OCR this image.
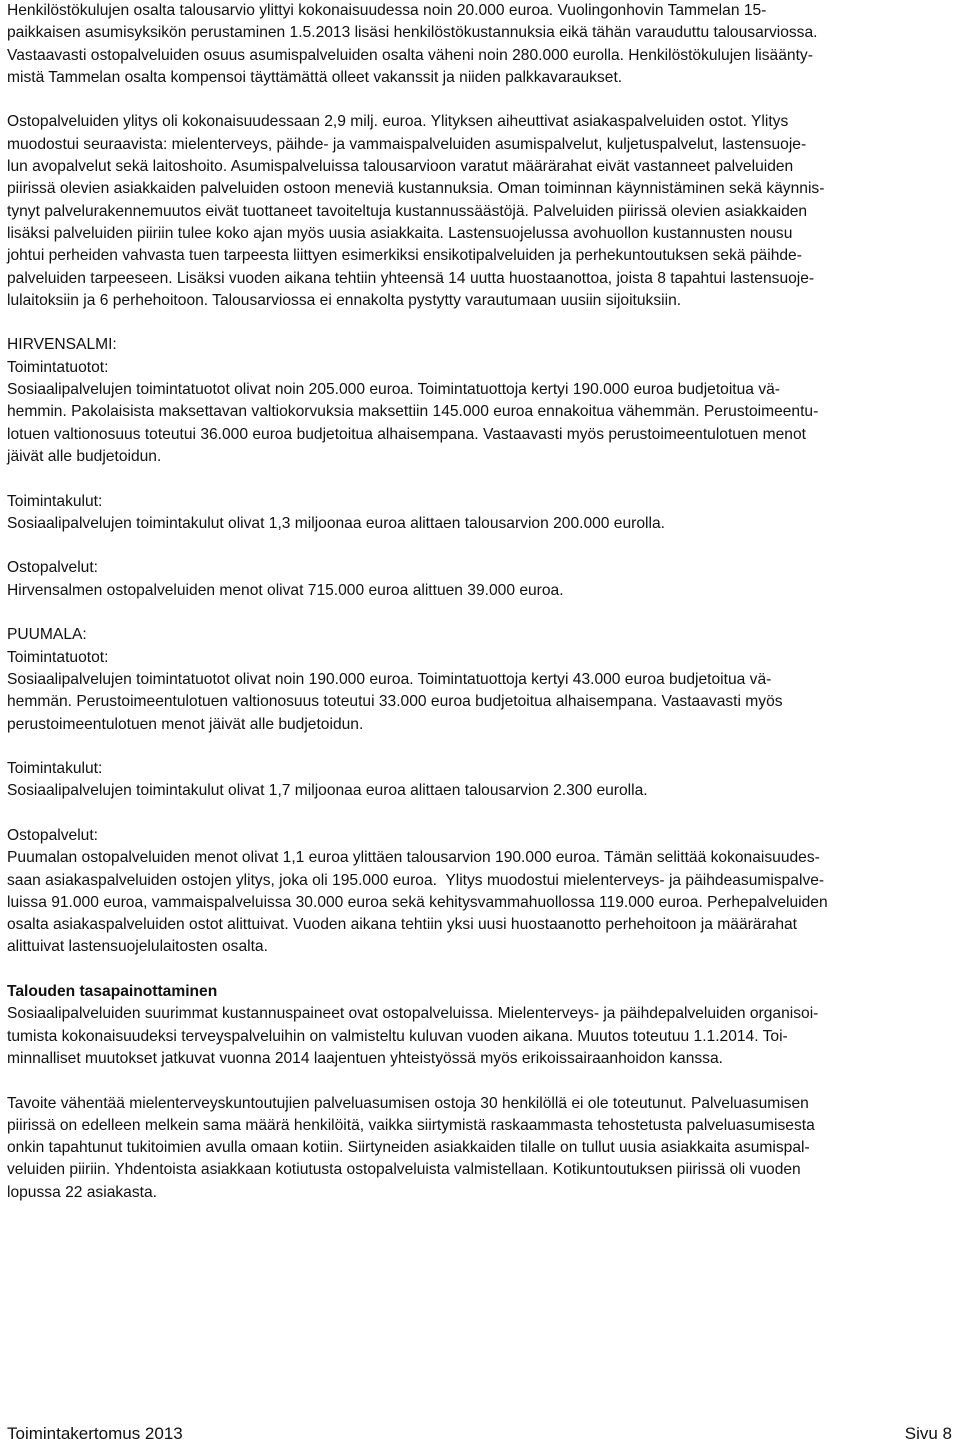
Henkilöstökulujen osalta talousarvio ylittyi kokonaisuudessa noin 20.000 euroa. Vuolingonhovin Tammelan 15-
paikkaisen asumisyksikön perustaminen 1.5.2013 lisäsi henkilöstökustannuksia eikä tähän varauduttu talousarviossa.
Vastaavasti ostopalveluiden osuus asumispalveluiden osalta väheni noin 280.000 eurolla. Henkilöstökulujen lisäänty-
mistä Tammelan osalta kompensoi täyttämättä olleet vakanssit ja niiden palkkavaraukset.
Ostopalveluiden ylitys oli kokonaisuudessaan 2,9 milj. euroa. Ylityksen aiheuttivat asiakaspalveluiden ostot. Ylitys
muodostui seuraavista: mielenterveys, päihde- ja vammaispalveluiden asumispalvelut, kuljetuspalvelut, lastensuoje-
lun avopalvelut sekä laitoshoito. Asumispalveluissa talousarvioon varatut määrärahat eivät vastanneet palveluiden
piirissä olevien asiakkaiden palveluiden ostoon meneviä kustannuksia. Oman toiminnan käynnistäminen sekä käynnis-
tynyt palvelurakennemuutos eivät tuottaneet tavoiteltuja kustannussäästöjä. Palveluiden piirissä olevien asiakkaiden
lisäksi palveluiden piiriin tulee koko ajan myös uusia asiakkaita. Lastensuojelussa avohuollon kustannusten nousu
johtui perheiden vahvasta tuen tarpeesta liittyen esimerkiksi ensikotipalveluiden ja perhekuntoutuksen sekä päihde-
palveluiden tarpeeseen. Lisäksi vuoden aikana tehtiin yhteensä 14 uutta huostaanottoa, joista 8 tapahtui lastensuoje-
lulaitoksiin ja 6 perhehoitoon. Talousarviossa ei ennakolta pystytty varautumaan uusiin sijoituksiin.
HIRVENSALMI:
Toimintatuotot:
Sosiaalipalvelujen toimintatuotot olivat noin 205.000 euroa. Toimintatuottoja kertyi 190.000 euroa budjetoitua vä-
hemmin. Pakolaisista maksettavan valtiokorvuksia maksettiin 145.000 euroa ennakoitua vähemmän. Perustoimeentu-
lotuen valtionosuus toteutui 36.000 euroa budjetoitua alhaisempana. Vastaavasti myös perustoimeentulotuen menot
jäivät alle budjetoidun.
Toimintakulut:
Sosiaalipalvelujen toimintakulut olivat 1,3 miljoonaa euroa alittaen talousarvion 200.000 eurolla.
Ostopalvelut:
Hirvensalmen ostopalveluiden menot olivat 715.000 euroa alittuen 39.000 euroa.
PUUMALA:
Toimintatuotot:
Sosiaalipalvelujen toimintatuotot olivat noin 190.000 euroa. Toimintatuottoja kertyi 43.000 euroa budjetoitua vä-
hemmän. Perustoimeentulotuen valtionosuus toteutui 33.000 euroa budjetoitua alhaisempana. Vastaavasti myös
perustoimeentulotuen menot jäivät alle budjetoidun.
Toimintakulut:
Sosiaalipalvelujen toimintakulut olivat 1,7 miljoonaa euroa alittaen talousarvion 2.300 eurolla.
Ostopalvelut:
Puumalan ostopalveluiden menot olivat 1,1 euroa ylittäen talousarvion 190.000 euroa. Tämän selittää kokonaisuudes-
saan asiakaspalveluiden ostojen ylitys, joka oli 195.000 euroa.  Ylitys muodostui mielenterveys- ja päihdeasumispalve-
luissa 91.000 euroa, vammaispalveluissa 30.000 euroa sekä kehitysvammahuollossa 119.000 euroa. Perhepalveluiden
osalta asiakaspalveluiden ostot alittuivat. Vuoden aikana tehtiin yksi uusi huostaanotto perhehoitoon ja määrärahat
alittuivat lastensuojelulaitosten osalta.
Talouden tasapainottaminen
Sosiaalipalveluiden suurimmat kustannuspaineet ovat ostopalveluissa. Mielenterveys- ja päihdepalveluiden organisoi-
tumista kokonaisuudeksi terveyspalveluihin on valmisteltu kuluvan vuoden aikana. Muutos toteutuu 1.1.2014. Toi-
minnalliset muutokset jatkuvat vuonna 2014 laajentuen yhteistyössä myös erikoissairaanhoidon kanssa.
Tavoite vähentää mielenterveyskuntoutujien palveluasumisen ostoja 30 henkilöllä ei ole toteutunut. Palveluasumisen
piirissä on edelleen melkein sama määrä henkilöitä, vaikka siirtymistä raskaammasta tehostetusta palveluasumisesta
onkin tapahtunut tukitoimien avulla omaan kotiin. Siirtyneiden asiakkaiden tilalle on tullut uusia asiakkaita asumispal-
veluiden piiriin. Yhdentoista asiakkaan kotiutusta ostopalveluista valmistellaan. Kotikuntoutuksen piirissä oli vuoden
lopussa 22 asiakasta.
Toimintakertomus 2013	Sivu 8
